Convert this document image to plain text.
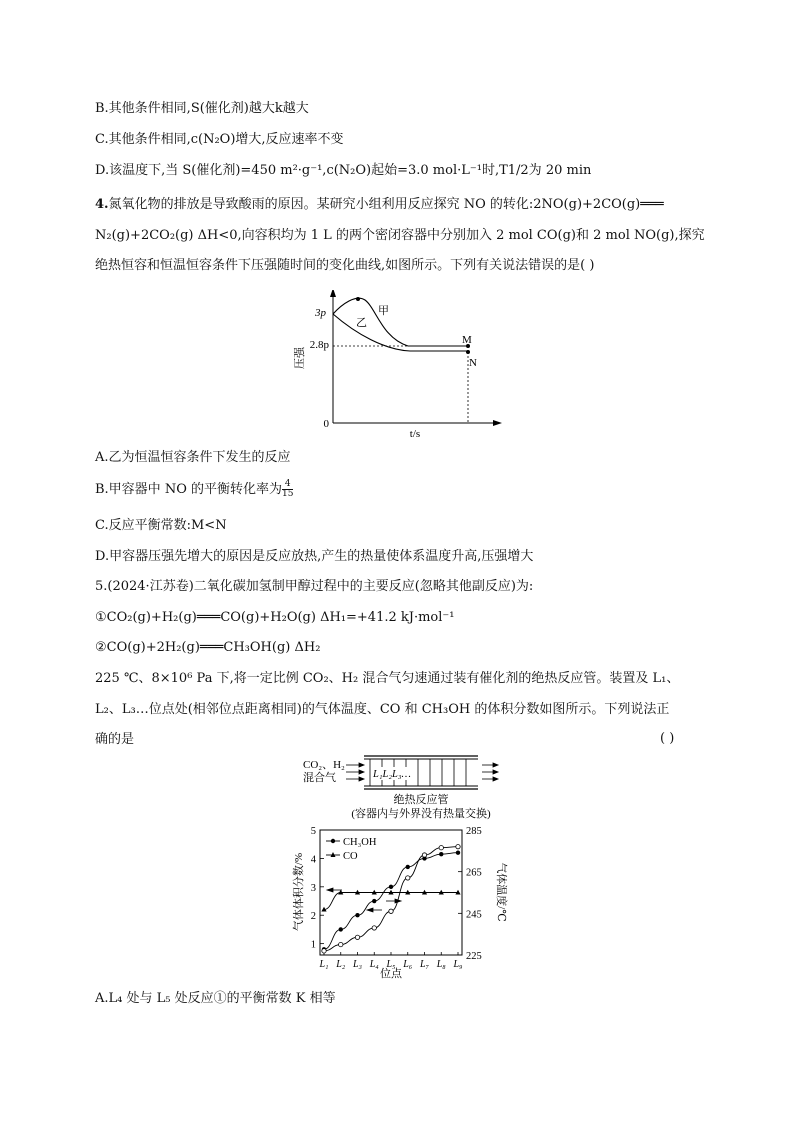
B.其他条件相同,S(催化剂)越大k越大
C.其他条件相同,c(N₂O)增大,反应速率不变
D.该温度下,当 S(催化剂)=450 m²·g⁻¹,c(N₂O)起始=3.0 mol·L⁻¹时,T1/2为 20 min
4.氮氧化物的排放是导致酸雨的原因。某研究小组利用反应探究 NO 的转化:2NO(g)+2CO(g)═══
N₂(g)+2CO₂(g) ΔH<0,向容积均为 1 L 的两个密闭容器中分别加入 2 mol CO(g)和 2 mol NO(g),探究
绝热恒容和恒温恒容条件下压强随时间的变化曲线,如图所示。下列有关说法错误的是( )
压强
3p
2.8p
0
t/s
甲
乙
M
N
A.乙为恒温恒容条件下发生的反应
B.甲容器中 NO 的平衡转化率为 $\frac{4}{15}$
C.反应平衡常数:M<N
D.甲容器压强先增大的原因是反应放热,产生的热量使体系温度升高,压强增大
5.(2024·江苏卷)二氧化碳加氢制甲醇过程中的主要反应(忽略其他副反应)为:
①CO₂(g)+H₂(g)═══CO(g)+H₂O(g) ΔH₁=+41.2 kJ·mol⁻¹
②CO(g)+2H₂(g)═══CH₃OH(g) ΔH₂
225 ℃、8×10⁶ Pa 下,将一定比例 CO₂、H₂ 混合气匀速通过装有催化剂的绝热反应管。装置及 L₁、
L₂、L₃…位点处(相邻位点距离相同)的气体温度、CO 和 CH₃OH 的体积分数如图所示。下列说法正
确的是	( )
CO₂、H₂
混合气	L₁L₂L₃…
绝热反应管
(容器内与外界没有热量交换)
1
2
3
4
5
225
245
265
285
L₁ L₂ L₃ L₄ L₅ L₆ L₇ L₈ L₉
气体体积分数/%	气体温度/℃
位点
CH₃OH
CO
A.L₄ 处与 L₅ 处反应①的平衡常数 K 相等
